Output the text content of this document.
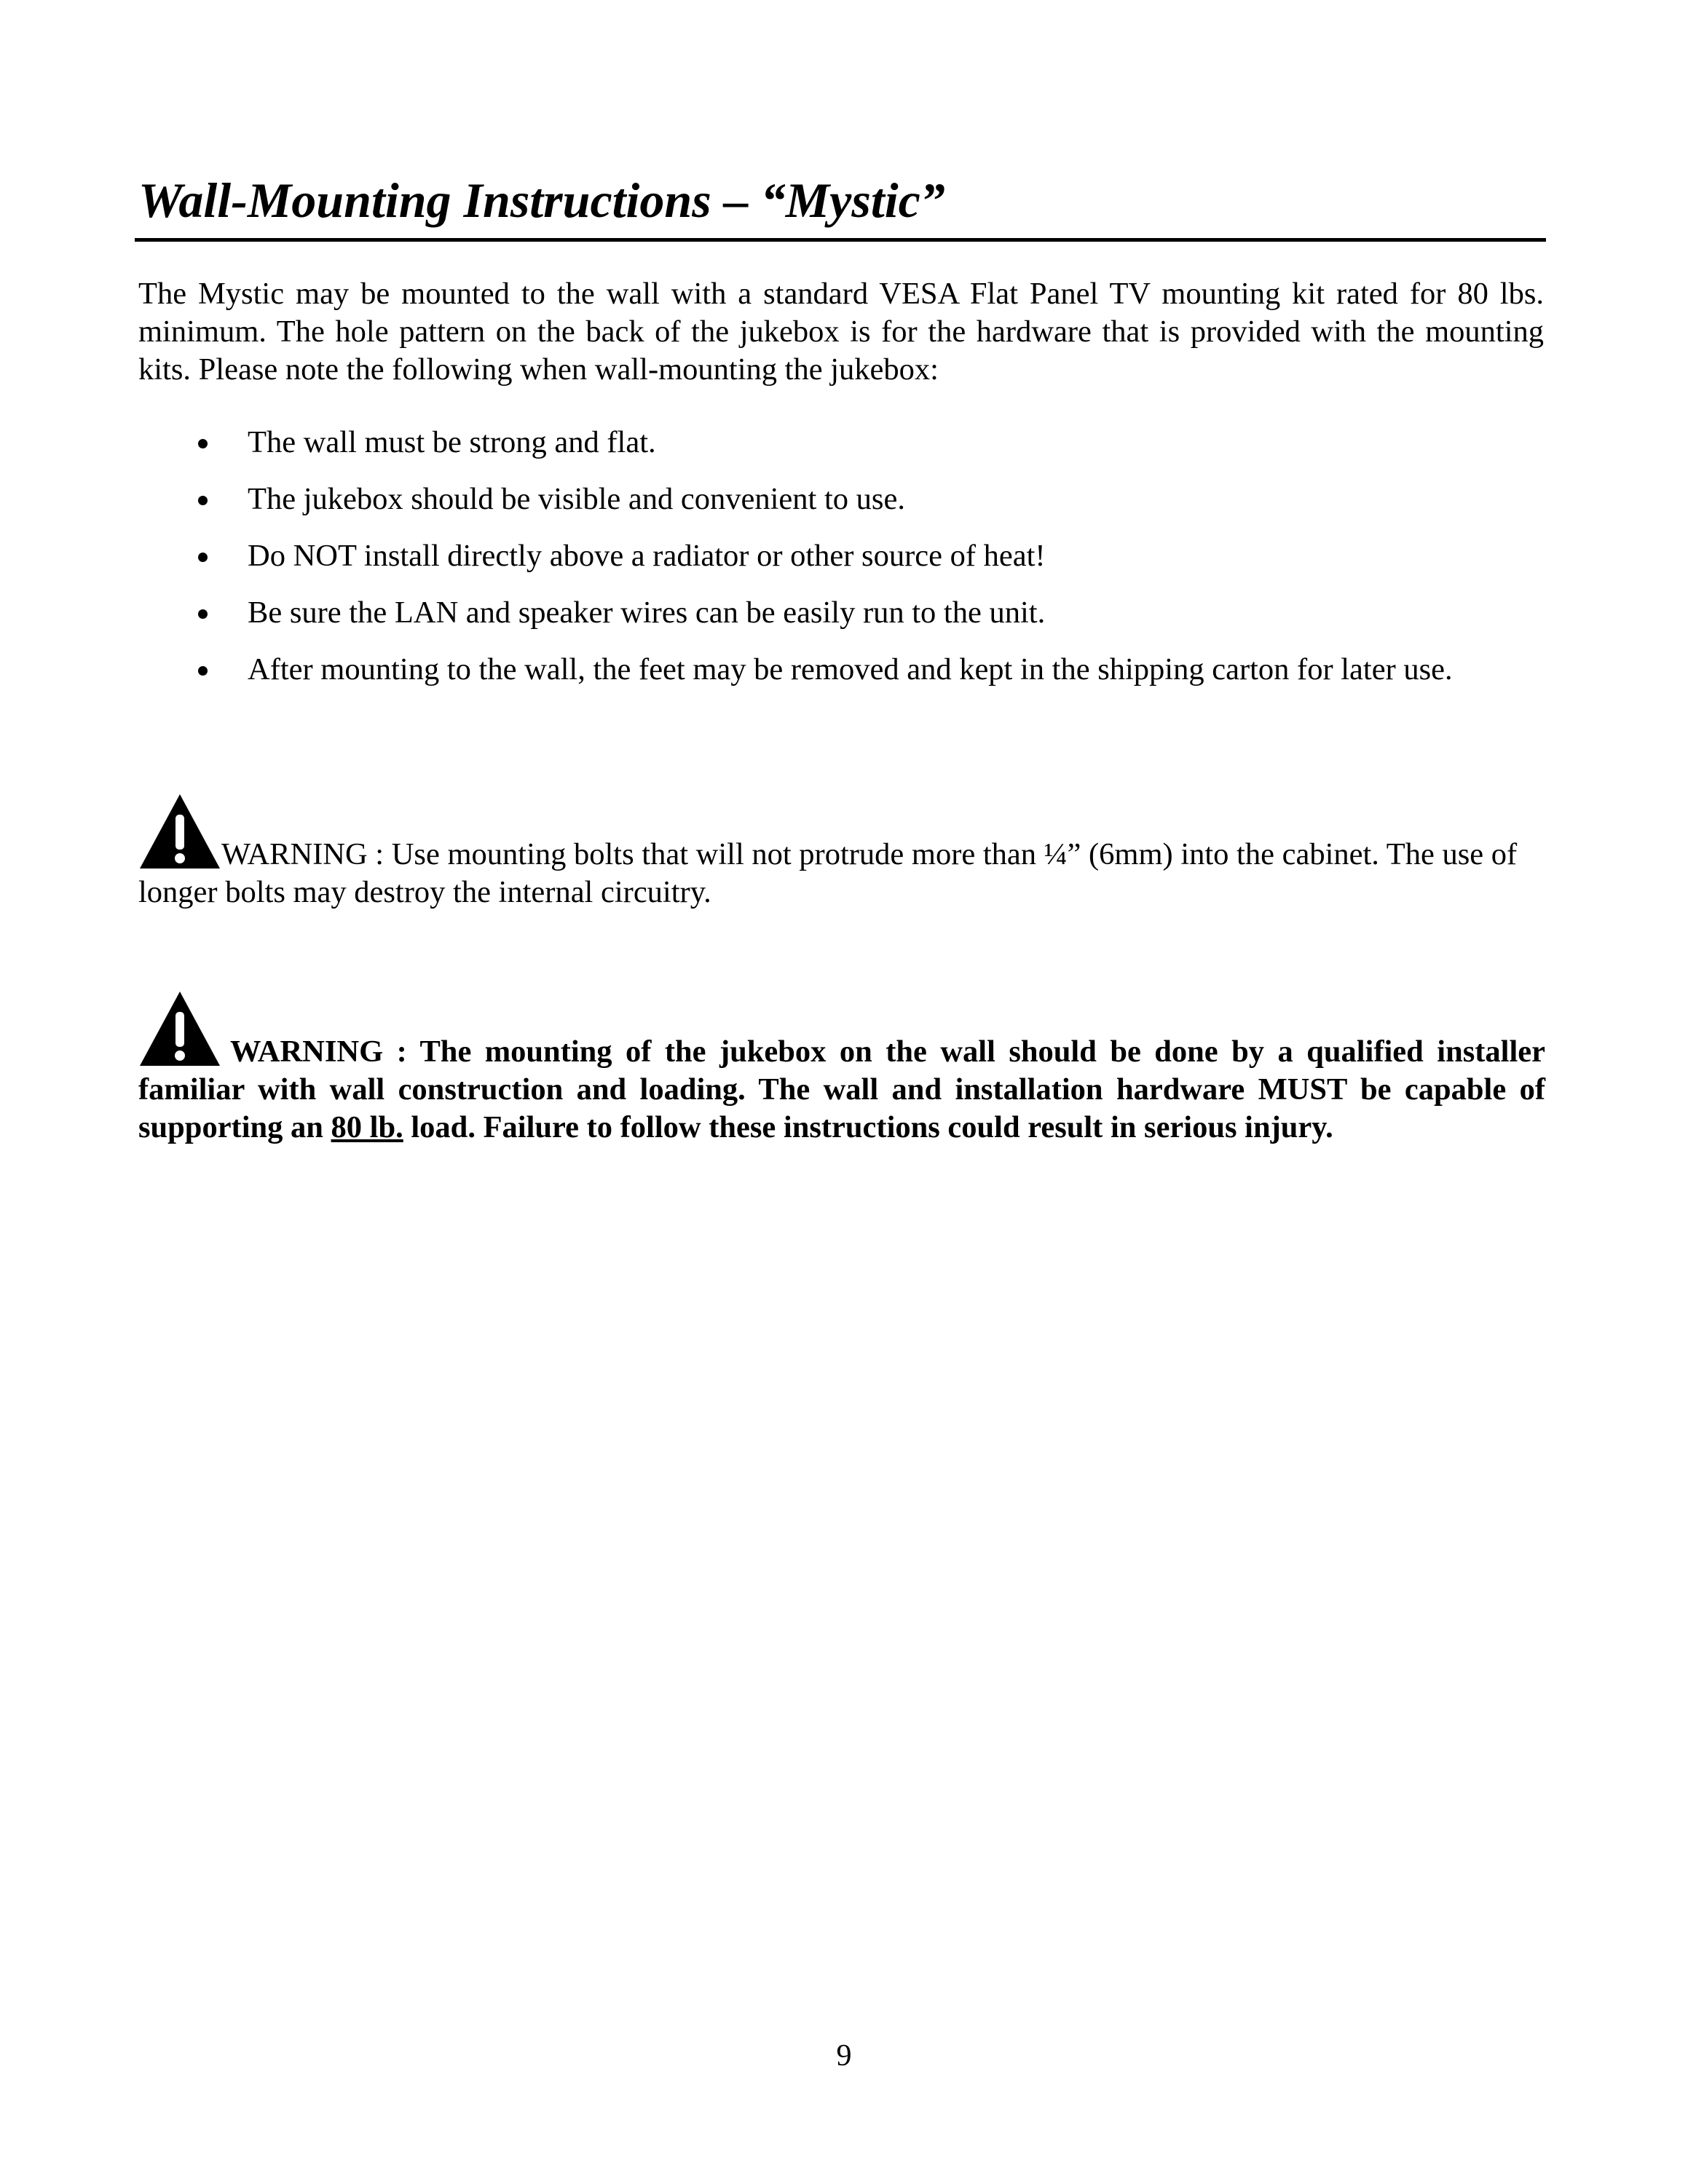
Wall-Mounting Instructions – “Mystic”

The Mystic may be mounted to the wall with a standard VESA Flat Panel TV mounting kit rated for 80 lbs. minimum. The hole pattern on the back of the jukebox is for the hardware that is provided with the mounting kits. Please note the following when wall-mounting the jukebox:

The wall must be strong and flat.
The jukebox should be visible and convenient to use.
Do NOT install directly above a radiator or other source of heat!
Be sure the LAN and speaker wires can be easily run to the unit.
After mounting to the wall, the feet may be removed and kept in the shipping carton for later use.

WARNING : Use mounting bolts that will not protrude more than ¼” (6mm) into the cabinet. The use of longer bolts may destroy the internal circuitry.

WARNING : The mounting of the jukebox on the wall should be done by a qualified installer familiar with wall construction and loading. The wall and installation hardware MUST be capable of supporting an 80 lb. load. Failure to follow these instructions could result in serious injury.

9
